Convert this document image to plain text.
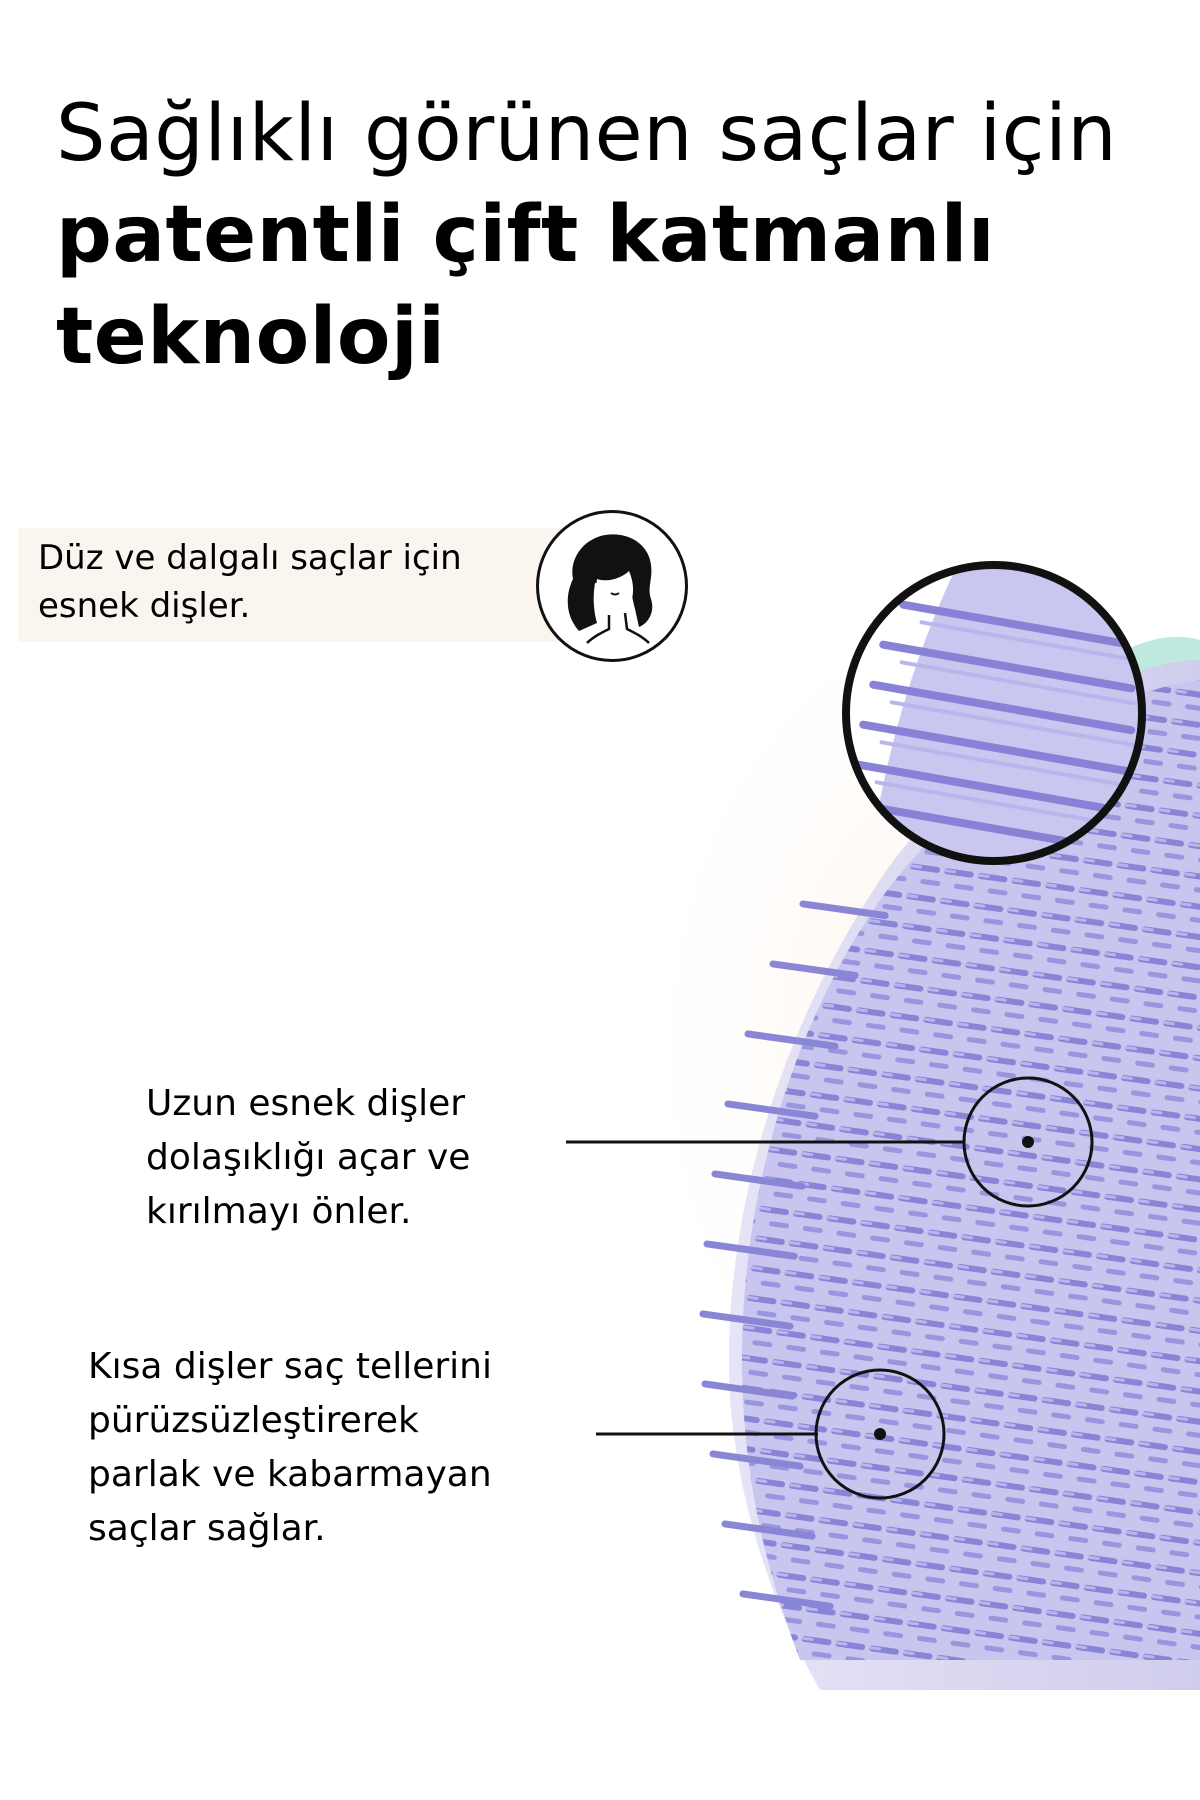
Sağlıklı görünen saçlar için
patentli çift katmanlı
teknoloji
Düz ve dalgalı saçlar için
esnek dişler.
Uzun esnek dişler
dolaşıklığı açar ve
kırılmayı önler.
Kısa dişler saç tellerini
pürüzsüzleştirerek
parlak ve kabarmayan
saçlar sağlar.
